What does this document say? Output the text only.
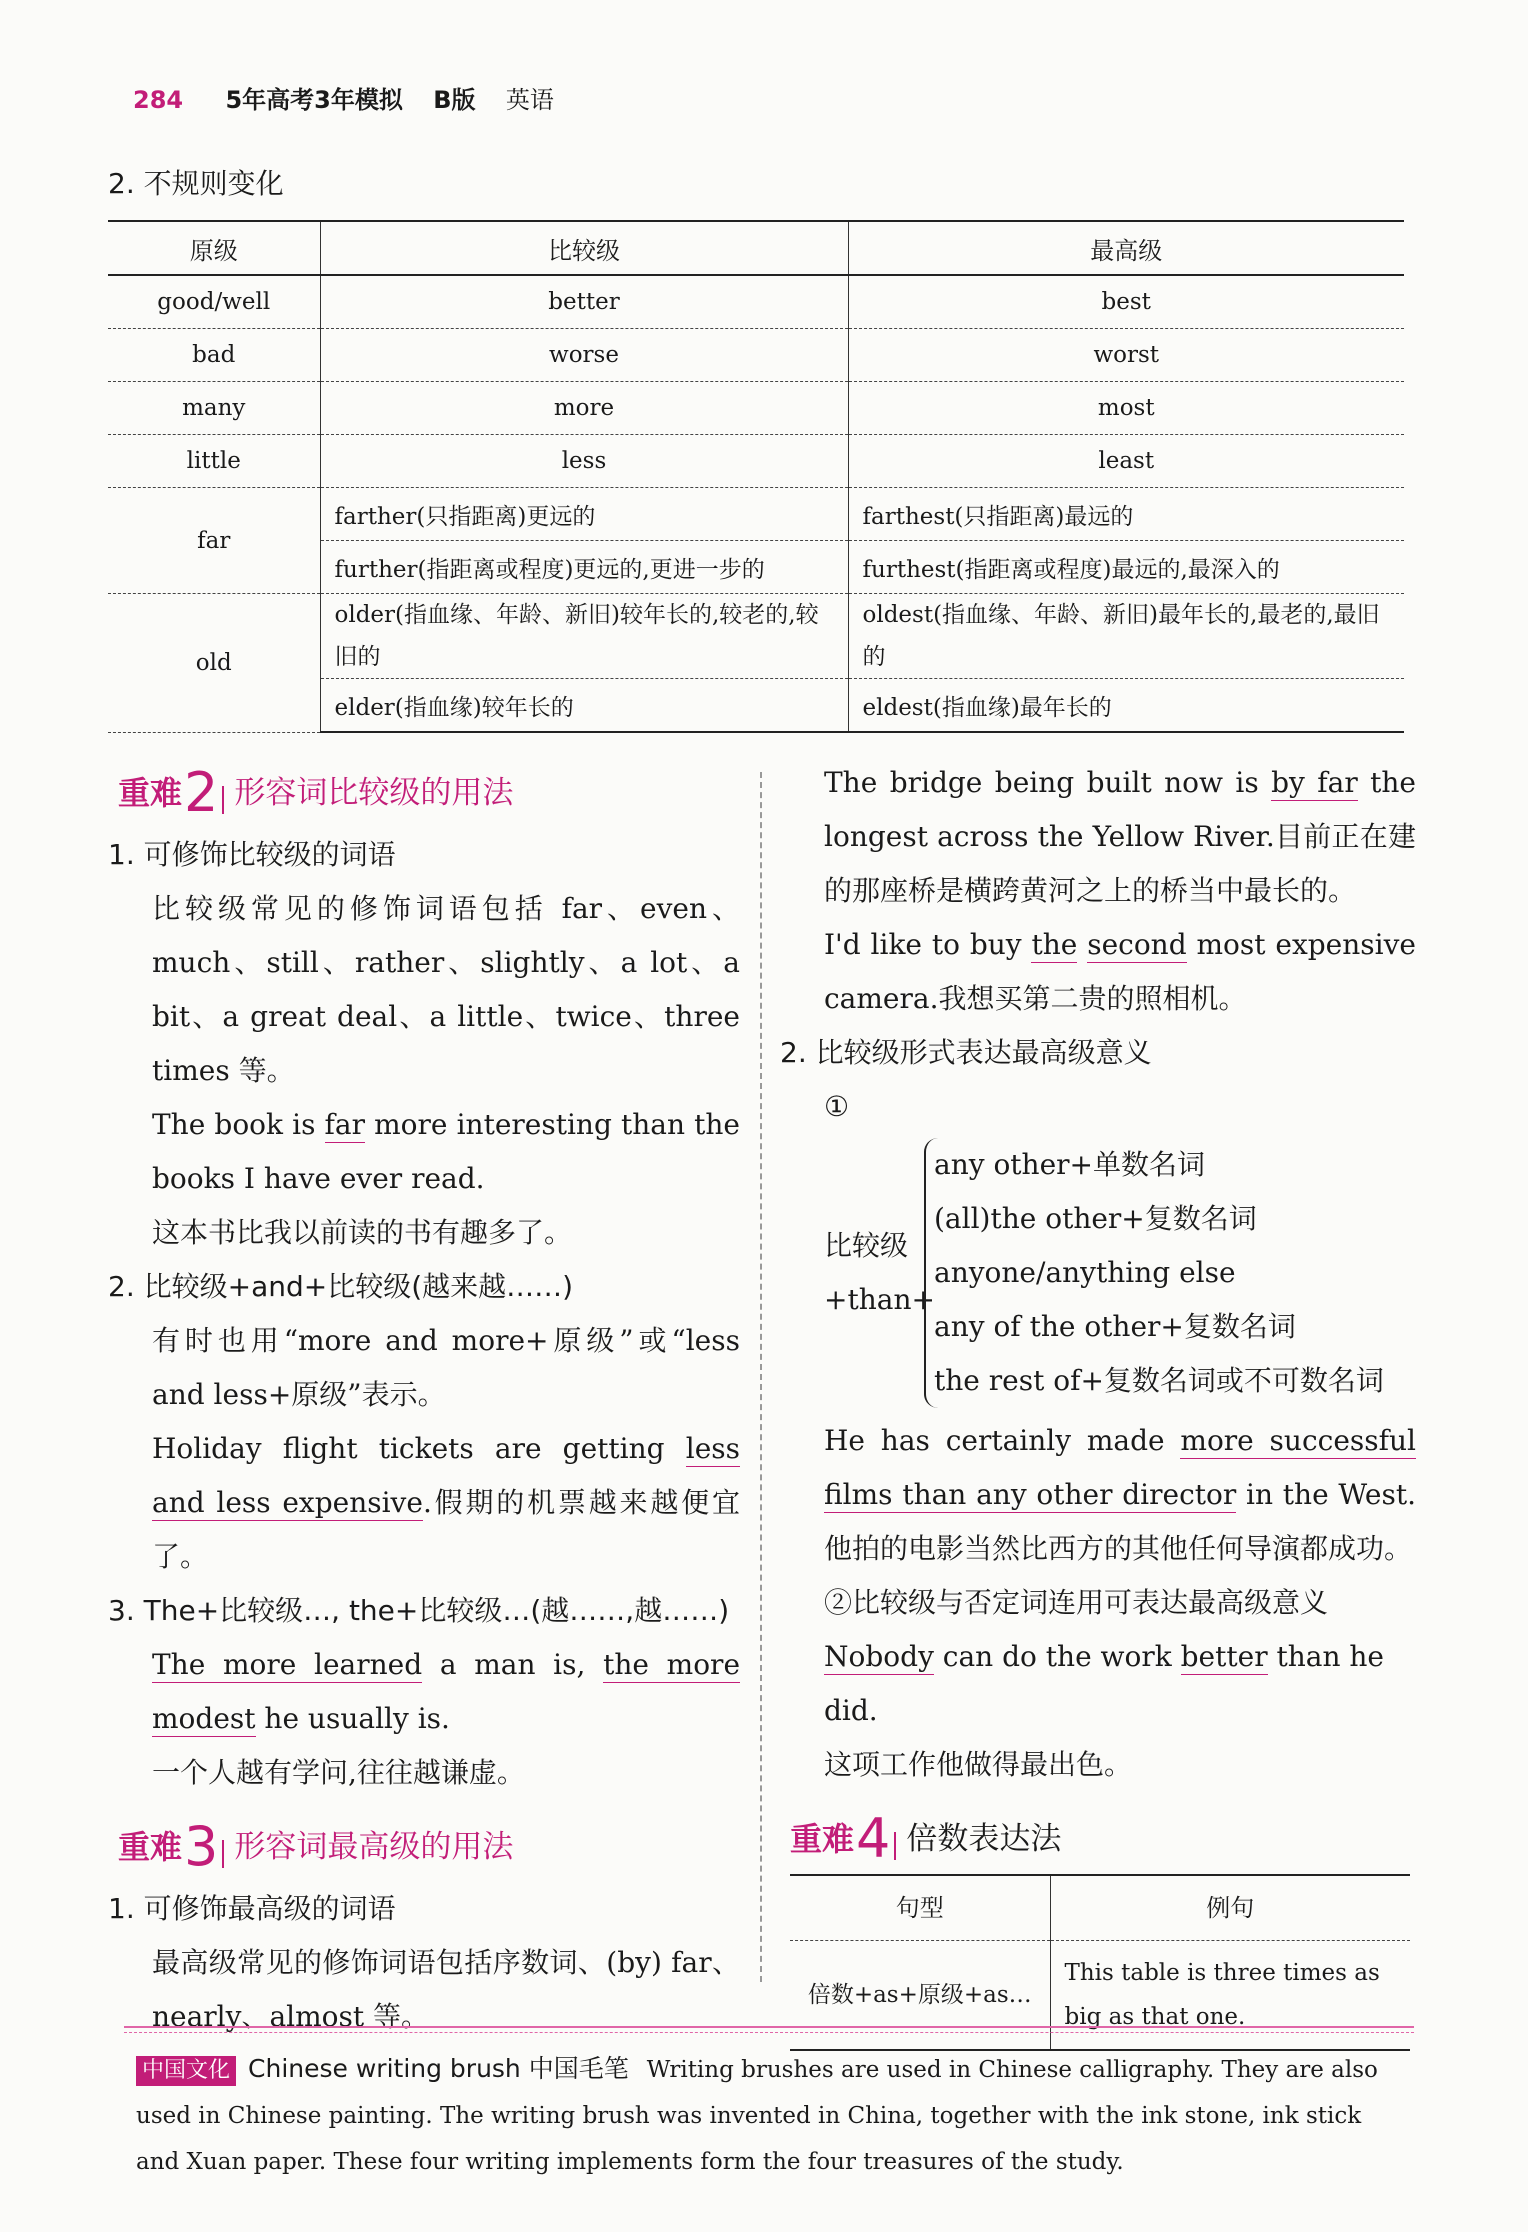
284 5年高考3年模拟 B版 英语
2. 不规则变化
原级	比较级	最高级
good/well	better	best
bad	worse	worst
many	more	most
little	less	least
far	farther(只指距离)更远的	farthest(只指距离)最远的
	further(指距离或程度)更远的,更进一步的	furthest(指距离或程度)最远的,最深入的
old	older(指血缘、年龄、新旧)较年长的,较老的,较旧的	oldest(指血缘、年龄、新旧)最年长的,最老的,最旧的
	elder(指血缘)较年长的	eldest(指血缘)最年长的
重难 2 形容词比较级的用法

1. 可修饰比较级的词语

比较级常见的修饰词语包括 far、even、much、still、rather、slightly、a lot、a bit、a great deal、a little、twice、three times 等。

The book is far more interesting than the books I have ever read.

这本书比我以前读的书有趣多了。

2. 比较级+and+比较级(越来越……)

有时也用“more and more+原级”或“less and less+原级”表示。

Holiday flight tickets are getting less and less expensive.假期的机票越来越便宜了。

3. The+比较级…, the+比较级…(越……,越……)

The more learned a man is, the more modest he usually is.

一个人越有学问,往往越谦虚。

重难 3 形容词最高级的用法

1. 可修饰最高级的词语

最高级常见的修饰词语包括序数词、(by) far、nearly、almost 等。

The bridge being built now is by far the longest across the Yellow River.目前正在建的那座桥是横跨黄河之上的桥当中最长的。

I'd like to buy the second most expensive camera.我想买第二贵的照相机。

2. 比较级形式表达最高级意义

①

比较级
+than+
any other+单数名词
(all)the other+复数名词
anyone/anything else
any of the other+复数名词
the rest of+复数名词或不可数名词

He has certainly made more successful films than any other director in the West.他拍的电影当然比西方的其他任何导演都成功。

②比较级与否定词连用可表达最高级意义

Nobody can do the work better than he did.

这项工作他做得最出色。

重难 4 倍数表达法
句型	例句
倍数+as+原级+as…	This table is three times as big as that one.
中国文化 Chinese writing brush 中国毛笔 Writing brushes are used in Chinese calligraphy. They are also used in Chinese painting. The writing brush was invented in China, together with the ink stone, ink stick and Xuan paper. These four writing implements form the four treasures of the study.
